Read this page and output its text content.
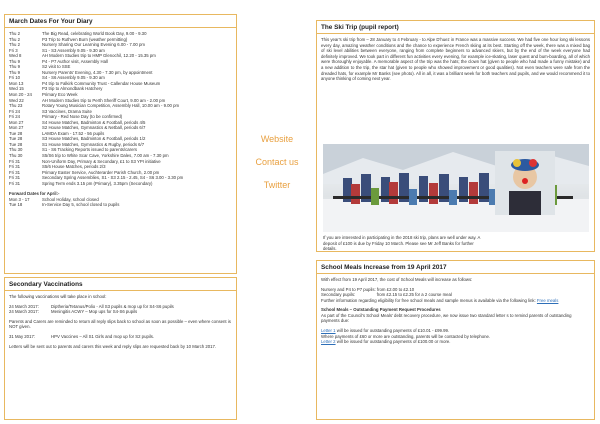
March Dates For Your Diary
Thu 2	The Big Read, celebrating World Book Day, 9.00 - 9.30
Thu 2	P3 Trip to Ruthven Burn (weather permitting)
Thu 2	Nursery Sharing Our Learning Evening 6.00 - 7.00 pm
Fri 3	S1 - S3 Assembly 9.05 - 9.30 am
Wed 8	AH Modern Studies trip to HMP Glenochil, 12.20 - 15.35 pm
Thu 9	P4 - P7 Author visit, Assembly Hall
Thu 9	S2 visit to SSE
Thu 9	Nursery Parents' Evening, 4.30 - 7.30 pm, by appointment
Fri 10	S4 - S6 Assembly 9.05 - 9.30 am
Mon 13	P4 trip to Falkirk Community Trust - Callendar House Museum
Wed 15	P3 trip to Almondbank Hatchery
Mon 20 - 24	Primary Eco Week
Wed 22	AH Modern Studies trip to Perth Sheriff Court, 9.00 am - 2.00 pm
Thu 23	Rotary Young Musician Competition, Assembly Hall, 10.00 am - 9.00 pm
Fri 24	S3 Vaccines, Drama Suite
Fri 24	Primary - Red Nose Day (to be confirmed)
Mon 27	S4 House Matches, Badminton & Football, periods 4/5
Mon 27	S2 House Matches, Gymnastics & Netball, periods 6/7
Tue 28	LAMDA Exam - 17.52 - 56 pupils
Tue 28	S3 House Matches, Badminton & Football, periods 1/2
Tue 28	S1 House Matches, Gymnastics & Rugby, periods 6/7
Thu 30	S1 - S6 Tracking Reports issued to parents/carers
Thu 30	S5/S6 trip to White Scar Cave, Yorkshire Dales, 7.00 am - 7.30 pm
Fri 31	Non-Uniform Day, Primary & Secondary, £1 to S3 YPI initiative
Fri 31	S5/6 House Matches, periods 2/3
Fri 31	Primary Easter Service, Auchterarder Parish Church, 2.00 pm
Fri 31	Secondary Spring Assemblies, S1 - S3 2.15 - 2.45, S4 - S6 3.00 - 3.30 pm
Fri 31	Spring Term ends 3.15 pm (Primary), 3.35pm (Secondary)
Forward Dates for April:-
Mon 3 - 17	School Holiday, school closed
Tue 18	In-Service Day 5, school closed to pupils
Secondary Vaccinations

The following vaccinations will take place in school:

24 March 2017:	Diptheria/Tetanus/Polio - All S3 pupils & mop up for S4-S6 pupils
24 March 2017:	Meningitis ACWY – Mop ups for S4-S6 pupils

Parents and Carers are reminded to return all reply slips back to school as soon as possible – even where consent is NOT given.

31 May 2017:	HPV Vaccines – All S1 Girls and mop up for S2 pupils.

Letters will be sent out to parents and carers this week and reply slips are requested back by 10 March 2017.

Website
Contact us
Twitter
The Ski Trip (pupil report)

This year's ski trip from – 28 January to 4 February - to Alpe D'huez in France was a massive success. We had five one hour long ski lessons every day, amazing weather conditions and the chance to experience French skiing at its best. Starting off the week, there was a mixed bag of ski level abilities between everyone, ranging from complete beginners to advanced skiers, but by the end of the week everyone had definitely improved. We took part in different fun activities every evening, for example ice-skating, laser quest and bum-boarding, all of which were thoroughly enjoyable. A memorable aspect of the trip was the hats; the clown hat (given to people who had made a funny mistake) and a new addition to the trip, the star hat (given to people who showed improvement or good qualities). Not even teachers were safe from the dreaded hats, for example Mr Banks (see photo). All in all, it was a brilliant week for both teachers and pupils, and we would recommend it to anyone thinking of coming next year.

If you are interested in participating in the 2018 ski trip, plans are well under way. A deposit of £100 is due by Friday 10 March. Please see Mr Jeff Banks for further details.
School Meals Increase from 19 April 2017

With effect from 19 April 2017, the cost of School Meals will increase as follows:

Nursery and P4 to P7 pupils: from £2.00 to £2.10
Secondary pupils:                  from £2.15 to £2.25 for a 2 course meal

Further information regarding eligibility for free school meals and sample menus is available via the following link: Free meals

School Meals – Outstanding Payment Request Procedures

As part of the Council's School Meals' debt recovery procedure, we now issue two standard letter s to remind parents of outstanding payments due:

Letter 1 will be issued for outstanding payments of £10.01 - £99.99.
Where payments of £60 or more are outstanding, parents will be contacted by telephone.
Letter 2 will be issued for outstanding payments of £100.00 or more.
